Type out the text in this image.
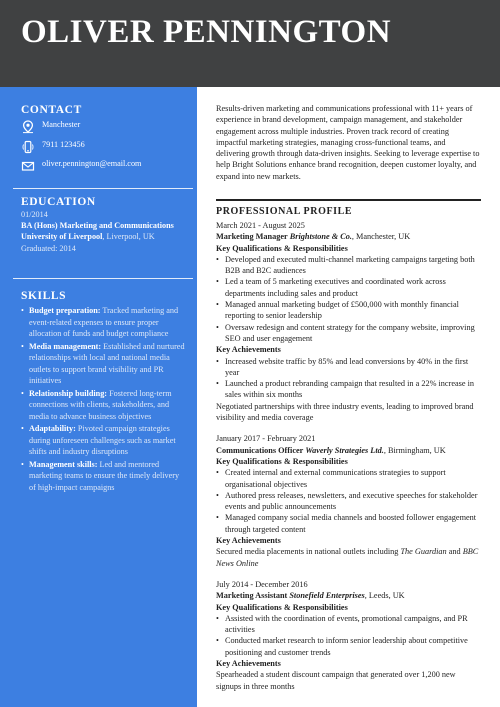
OLIVER PENNINGTON
CONTACT
Manchester
7911 123456
oliver.pennington@email.com
EDUCATION
01/2014
BA (Hons) Marketing and Communications
University of Liverpool, Liverpool, UK
Graduated: 2014
SKILLS
• Budget preparation: Tracked marketing and event-related expenses to ensure proper allocation of funds and budget compliance
• Media management: Established and nurtured relationships with local and national media outlets to support brand visibility and PR initiatives
• Relationship building: Fostered long-term connections with clients, stakeholders, and media to advance business objectives
• Adaptability: Pivoted campaign strategies during unforeseen challenges such as market shifts and industry disruptions
• Management skills: Led and mentored marketing teams to ensure the timely delivery of high-impact campaigns

Results-driven marketing and communications professional with 11+ years of experience in brand development, campaign management, and stakeholder engagement across multiple industries. Proven track record of creating impactful marketing strategies, managing cross-functional teams, and delivering growth through data-driven insights. Seeking to leverage expertise to help Bright Solutions enhance brand recognition, deepen customer loyalty, and expand into new markets.

PROFESSIONAL PROFILE
March 2021 - August 2025
Marketing Manager Brightstone & Co., Manchester, UK
Key Qualifications & Responsibilities
• Developed and executed multi-channel marketing campaigns targeting both B2B and B2C audiences
• Led a team of 5 marketing executives and coordinated work across departments including sales and product
• Managed annual marketing budget of £500,000 with monthly financial reporting to senior leadership
• Oversaw redesign and content strategy for the company website, improving SEO and user engagement
Key Achievements
• Increased website traffic by 85% and lead conversions by 40% in the first year
• Launched a product rebranding campaign that resulted in a 22% increase in sales within six months
Negotiated partnerships with three industry events, leading to improved brand visibility and media coverage
January 2017 - February 2021
Communications Officer Waverly Strategies Ltd., Birmingham, UK
Key Qualifications & Responsibilities
• Created internal and external communications strategies to support organisational objectives
• Authored press releases, newsletters, and executive speeches for stakeholder events and public announcements
• Managed company social media channels and boosted follower engagement through targeted content
Key Achievements
Secured media placements in national outlets including The Guardian and BBC News Online
July 2014 - December 2016
Marketing Assistant Stonefield Enterprises, Leeds, UK
Key Qualifications & Responsibilities
• Assisted with the coordination of events, promotional campaigns, and PR activities
• Conducted market research to inform senior leadership about competitive positioning and customer trends
Key Achievements
Spearheaded a student discount campaign that generated over 1,200 new signups in three months
